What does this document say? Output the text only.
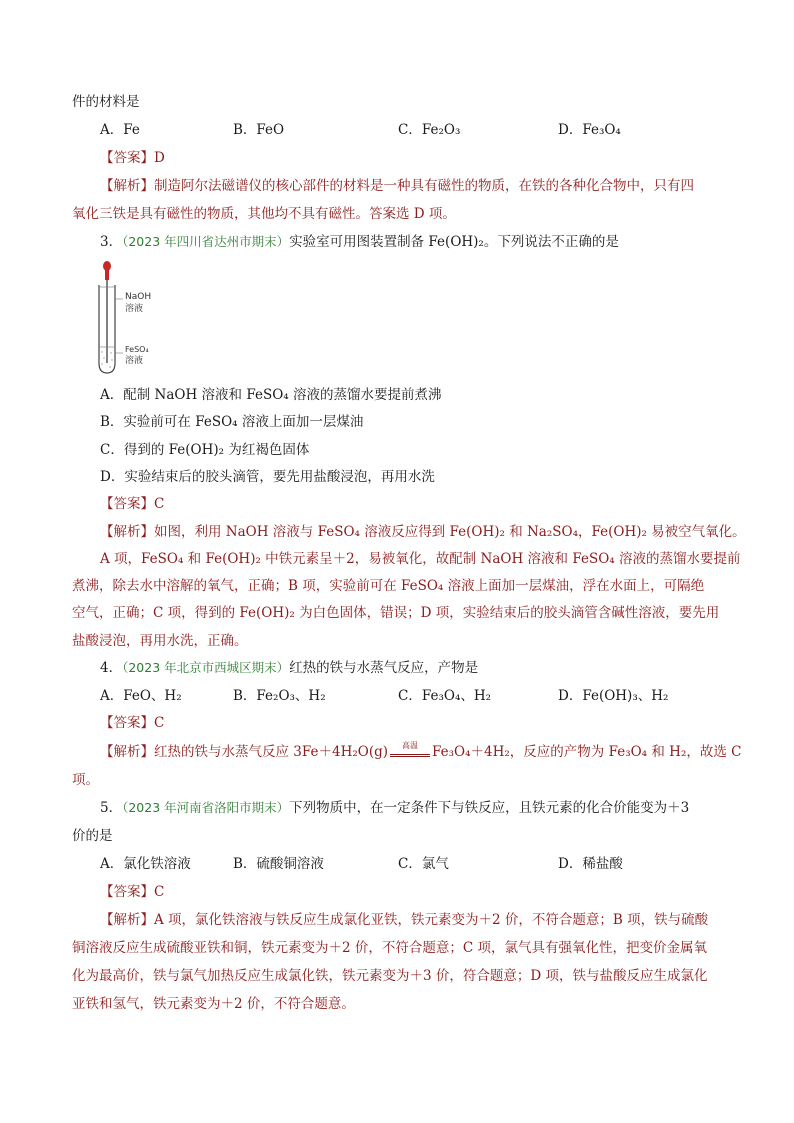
件的材料是
A．Fe	B．FeO	C．Fe₂O₃	D．Fe₃O₄
【答案】D
【解析】制造阿尔法磁谱仪的核心部件的材料是一种具有磁性的物质，在铁的各种化合物中，只有四
氧化三铁是具有磁性的物质，其他均不具有磁性。答案选 D 项。
3．（2023 年四川省达州市期末）实验室可用图装置制备 Fe(OH)₂。下列说法不正确的是
NaOH
溶液
FeSO₄
溶液
A．配制 NaOH 溶液和 FeSO₄ 溶液的蒸馏水要提前煮沸
B．实验前可在 FeSO₄ 溶液上面加一层煤油
C．得到的 Fe(OH)₂ 为红褐色固体
D．实验结束后的胶头滴管，要先用盐酸浸泡，再用水洗
【答案】C
【解析】如图，利用 NaOH 溶液与 FeSO₄ 溶液反应得到 Fe(OH)₂ 和 Na₂SO₄，Fe(OH)₂ 易被空气氧化。
A 项，FeSO₄ 和 Fe(OH)₂ 中铁元素呈＋2，易被氧化，故配制 NaOH 溶液和 FeSO₄ 溶液的蒸馏水要提前
煮沸，除去水中溶解的氧气，正确；B 项，实验前可在 FeSO₄ 溶液上面加一层煤油，浮在水面上，可隔绝
空气，正确；C 项，得到的 Fe(OH)₂ 为白色固体，错误；D 项，实验结束后的胶头滴管含碱性溶液，要先用
盐酸浸泡，再用水洗，正确。
4．（2023 年北京市西城区期末）红热的铁与水蒸气反应，产物是
A．FeO、H₂	B．Fe₂O₃、H₂	C．Fe₃O₄、H₂	D．Fe(OH)₃、H₂
【答案】C
【解析】红热的铁与水蒸气反应 3Fe＋4H₂O(g)	高温	Fe₃O₄＋4H₂，反应的产物为 Fe₃O₄ 和 H₂，故选 C
项。
5．（2023 年河南省洛阳市期末）下列物质中，在一定条件下与铁反应，且铁元素的化合价能变为＋3
价的是
A．氯化铁溶液	B．硫酸铜溶液	C．氯气	D．稀盐酸
【答案】C
【解析】A 项，氯化铁溶液与铁反应生成氯化亚铁，铁元素变为＋2 价，不符合题意；B 项，铁与硫酸
铜溶液反应生成硫酸亚铁和铜，铁元素变为＋2 价，不符合题意；C 项，氯气具有强氧化性，把变价金属氧
化为最高价，铁与氯气加热反应生成氯化铁，铁元素变为＋3 价，符合题意；D 项，铁与盐酸反应生成氯化
亚铁和氢气，铁元素变为＋2 价，不符合题意。
